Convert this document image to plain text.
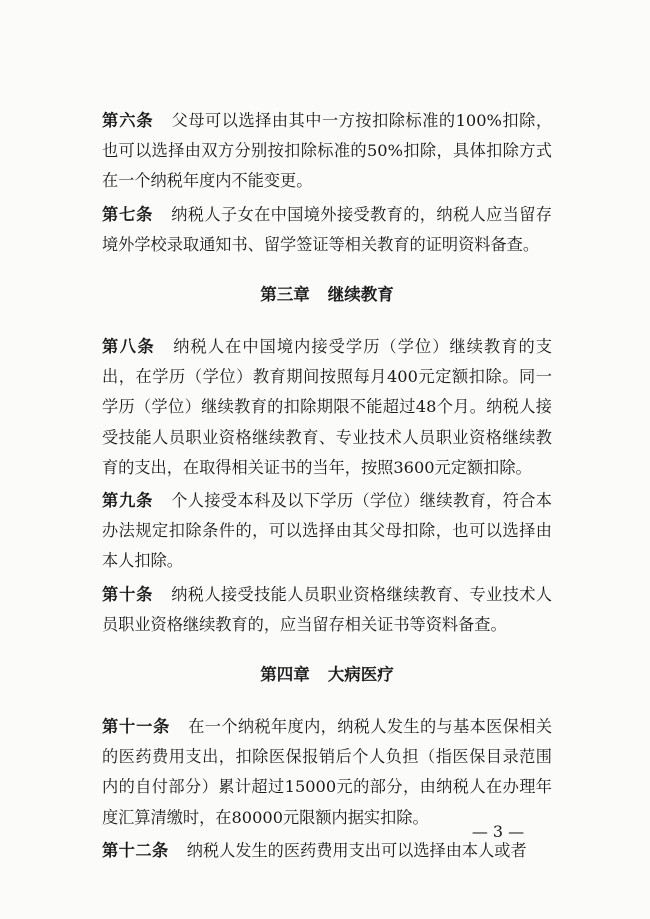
第六条 父母可以选择由其中一方按扣除标准的100%扣除，也可以选择由双方分别按扣除标准的50%扣除，具体扣除方式在一个纳税年度内不能变更。

第七条 纳税人子女在中国境外接受教育的，纳税人应当留存境外学校录取通知书、留学签证等相关教育的证明资料备查。

第三章 继续教育

第八条 纳税人在中国境内接受学历（学位）继续教育的支出，在学历（学位）教育期间按照每月400元定额扣除。同一学历（学位）继续教育的扣除期限不能超过48个月。纳税人接受技能人员职业资格继续教育、专业技术人员职业资格继续教育的支出，在取得相关证书的当年，按照3600元定额扣除。

第九条 个人接受本科及以下学历（学位）继续教育，符合本办法规定扣除条件的，可以选择由其父母扣除，也可以选择由本人扣除。

第十条 纳税人接受技能人员职业资格继续教育、专业技术人员职业资格继续教育的，应当留存相关证书等资料备查。

第四章 大病医疗

第十一条 在一个纳税年度内，纳税人发生的与基本医保相关的医药费用支出，扣除医保报销后个人负担（指医保目录范围内的自付部分）累计超过15000元的部分，由纳税人在办理年度汇算清缴时，在80000元限额内据实扣除。

第十二条 纳税人发生的医药费用支出可以选择由本人或者

— 3 —
